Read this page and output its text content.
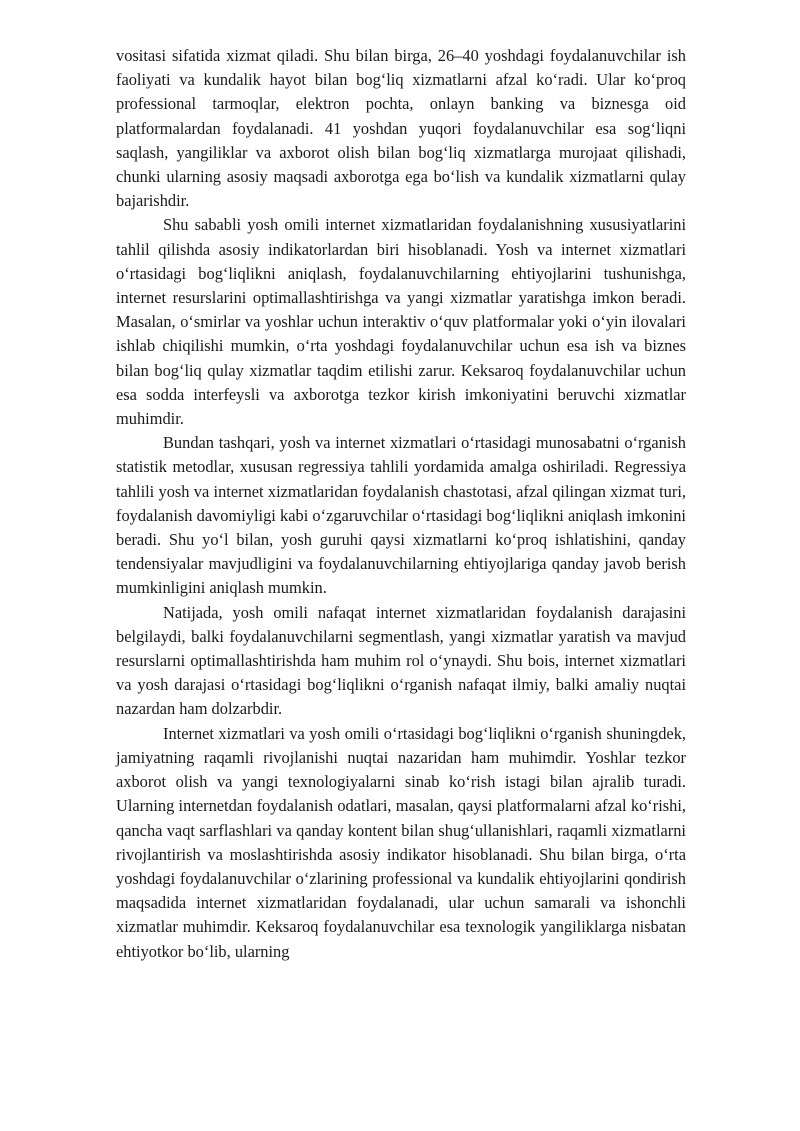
vositasi sifatida xizmat qiladi. Shu bilan birga, 26–40 yoshdagi foydalanuvchilar ish faoliyati va kundalik hayot bilan bog‘liq xizmatlarni afzal ko‘radi. Ular ko‘proq professional tarmoqlar, elektron pochta, onlayn banking va biznesga oid platformalardan foydalanadi. 41 yoshdan yuqori foydalanuvchilar esa sog‘liqni saqlash, yangiliklar va axborot olish bilan bog‘liq xizmatlarga murojaat qilishadi, chunki ularning asosiy maqsadi axborotga ega bo‘lish va kundalik xizmatlarni qulay bajarishdir.

Shu sababli yosh omili internet xizmatlaridan foydalanishning xususiyatlarini tahlil qilishda asosiy indikatorlardan biri hisoblanadi. Yosh va internet xizmatlari o‘rtasidagi bog‘liqlikni aniqlash, foydalanuvchilarning ehtiyojlarini tushunishga, internet resurslarini optimallashtirishga va yangi xizmatlar yaratishga imkon beradi. Masalan, o‘smirlar va yoshlar uchun interaktiv o‘quv platformalar yoki o‘yin ilovalari ishlab chiqilishi mumkin, o‘rta yoshdagi foydalanuvchilar uchun esa ish va biznes bilan bog‘liq qulay xizmatlar taqdim etilishi zarur. Keksaroq foydalanuvchilar uchun esa sodda interfeysli va axborotga tezkor kirish imkoniyatini beruvchi xizmatlar muhimdir.

Bundan tashqari, yosh va internet xizmatlari o‘rtasidagi munosabatni o‘rganish statistik metodlar, xususan regressiya tahlili yordamida amalga oshiriladi. Regressiya tahlili yosh va internet xizmatlaridan foydalanish chastotasi, afzal qilingan xizmat turi, foydalanish davomiyligi kabi o‘zgaruvchilar o‘rtasidagi bog‘liqlikni aniqlash imkonini beradi. Shu yo‘l bilan, yosh guruhi qaysi xizmatlarni ko‘proq ishlatishini, qanday tendensiyalar mavjudligini va foydalanuvchilarning ehtiyojlariga qanday javob berish mumkinligini aniqlash mumkin.

Natijada, yosh omili nafaqat internet xizmatlaridan foydalanish darajasini belgilaydi, balki foydalanuvchilarni segmentlash, yangi xizmatlar yaratish va mavjud resurslarni optimallashtirishda ham muhim rol o‘ynaydi. Shu bois, internet xizmatlari va yosh darajasi o‘rtasidagi bog‘liqlikni o‘rganish nafaqat ilmiy, balki amaliy nuqtai nazardan ham dolzarbdir.

Internet xizmatlari va yosh omili o‘rtasidagi bog‘liqlikni o‘rganish shuningdek, jamiyatning raqamli rivojlanishi nuqtai nazaridan ham muhimdir. Yoshlar tezkor axborot olish va yangi texnologiyalarni sinab ko‘rish istagi bilan ajralib turadi. Ularning internetdan foydalanish odatlari, masalan, qaysi platformalarni afzal ko‘rishi, qancha vaqt sarflashlari va qanday kontent bilan shug‘ullanishlari, raqamli xizmatlarni rivojlantirish va moslashtirishda asosiy indikator hisoblanadi. Shu bilan birga, o‘rta yoshdagi foydalanuvchilar o‘zlarining professional va kundalik ehtiyojlarini qondirish maqsadida internet xizmatlaridan foydalanadi, ular uchun samarali va ishonchli xizmatlar muhimdir. Keksaroq foydalanuvchilar esa texnologik yangiliklarga nisbatan ehtiyotkor bo‘lib, ularning
